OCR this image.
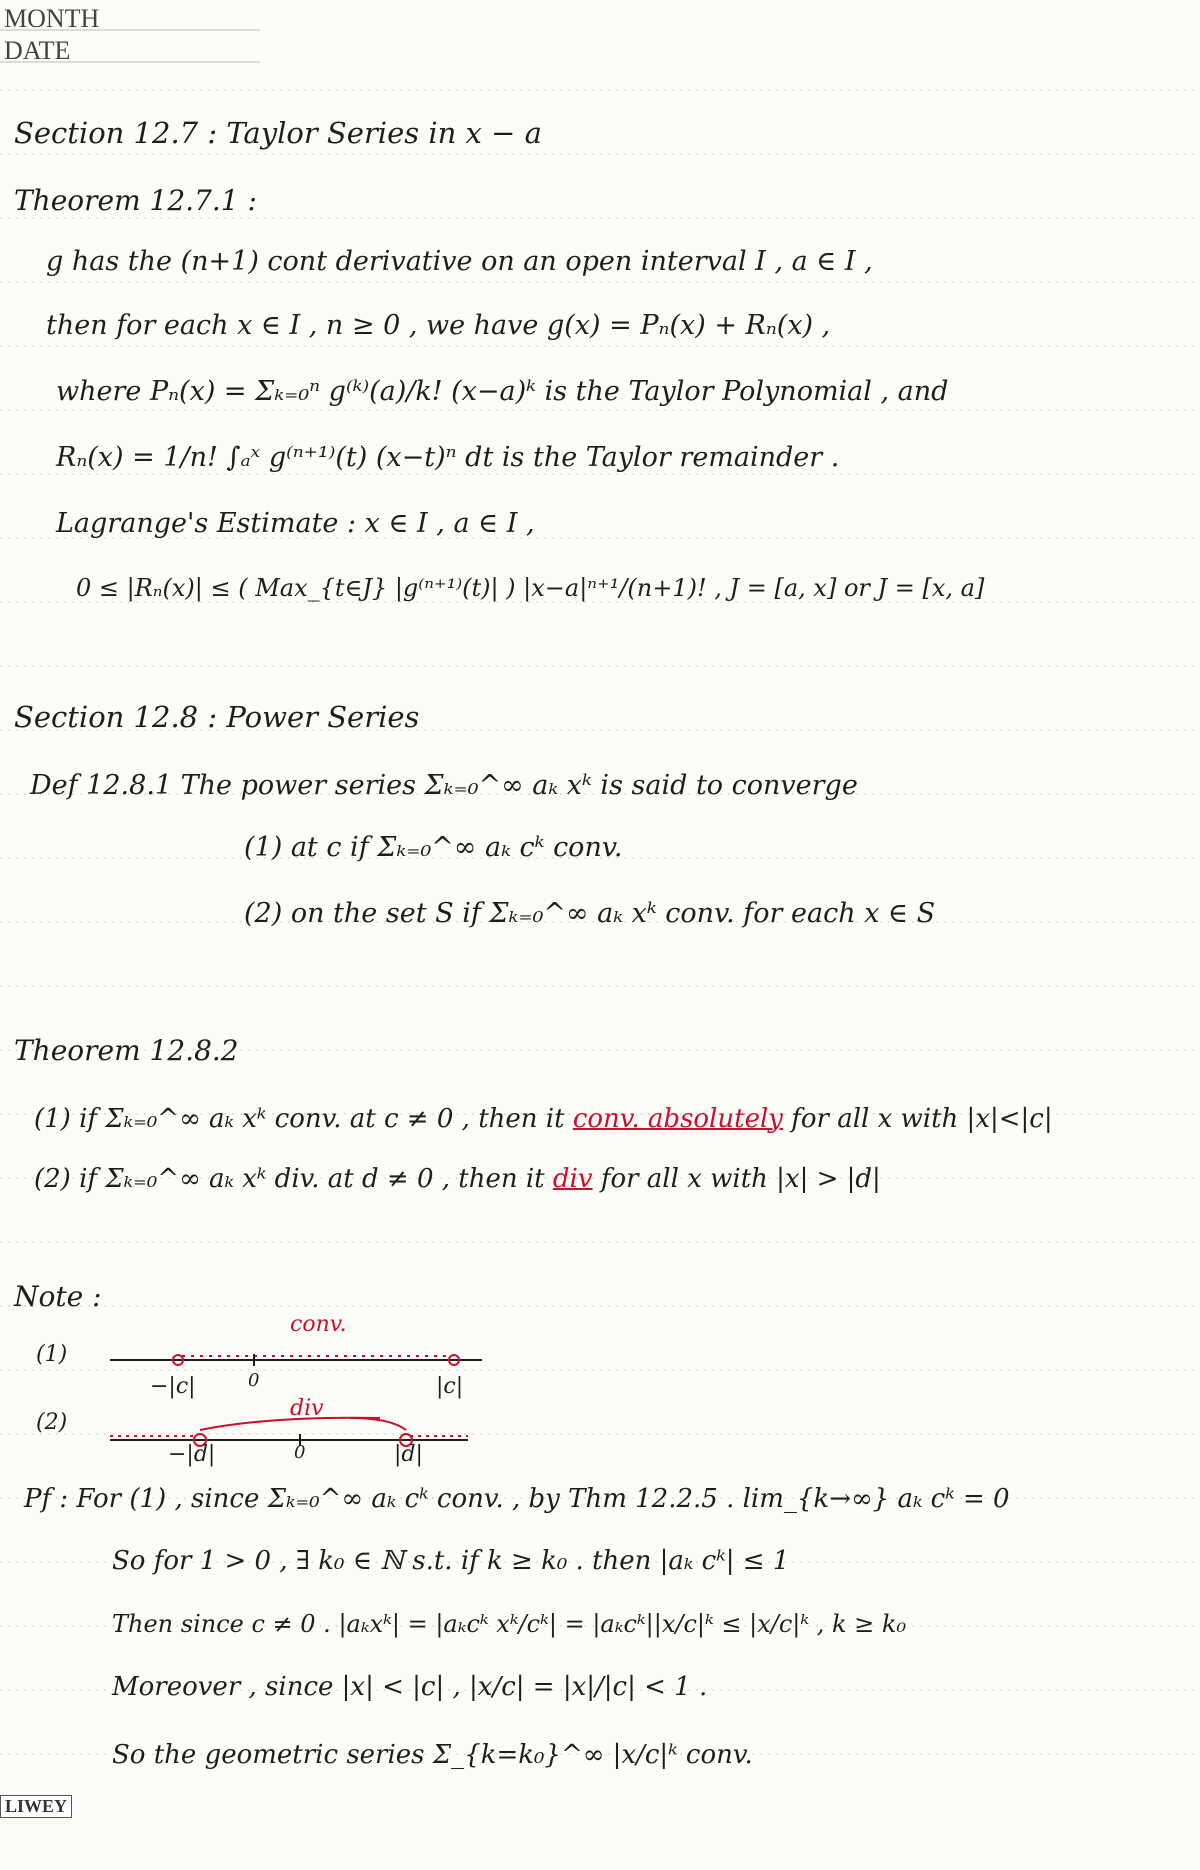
MONTH
DATE
Section 12.7 : Taylor Series in x − a
Theorem 12.7.1 :
g has the (n+1) cont derivative on an open interval I , a ∈ I ,
then for each x ∈ I , n ≥ 0 , we have g(x) = Pₙ(x) + Rₙ(x) ,
where Pₙ(x) = Σₖ₌₀ⁿ g⁽ᵏ⁾(a)/k! (x−a)ᵏ is the Taylor Polynomial , and
Rₙ(x) = 1/n! ∫ₐˣ g⁽ⁿ⁺¹⁾(t) (x−t)ⁿ dt is the Taylor remainder .
Lagrange's Estimate : x ∈ I , a ∈ I ,
0 ≤ |Rₙ(x)| ≤ ( Max_{t∈J} |g⁽ⁿ⁺¹⁾(t)| ) |x−a|ⁿ⁺¹/(n+1)! , J = [a, x] or J = [x, a]
Section 12.8 : Power Series
Def 12.8.1 The power series Σₖ₌₀^∞ aₖ xᵏ is said to converge
(1) at c if Σₖ₌₀^∞ aₖ cᵏ conv.
(2) on the set S if Σₖ₌₀^∞ aₖ xᵏ conv. for each x ∈ S
Theorem 12.8.2
(1) if Σₖ₌₀^∞ aₖ xᵏ conv. at c ≠ 0 , then it conv. absolutely for all x with |x|<|c|
(2) if Σₖ₌₀^∞ aₖ xᵏ div. at d ≠ 0 , then it div for all x with |x| > |d|
Note :
(1)
conv.
−|c|	0	|c|
(2)
div
−|d|	0	|d|
Pf : For (1) , since Σₖ₌₀^∞ aₖ cᵏ conv. , by Thm 12.2.5 . lim_{k→∞} aₖ cᵏ = 0
So for 1 > 0 , ∃ k₀ ∈ ℕ s.t. if k ≥ k₀ . then |aₖ cᵏ| ≤ 1
Then since c ≠ 0 . |aₖxᵏ| = |aₖcᵏ xᵏ/cᵏ| = |aₖcᵏ||x/c|ᵏ ≤ |x/c|ᵏ , k ≥ k₀
Moreover , since |x| < |c| , |x/c| = |x|/|c| < 1 .
So the geometric series Σ_{k=k₀}^∞ |x/c|ᵏ conv.
LIWEY
